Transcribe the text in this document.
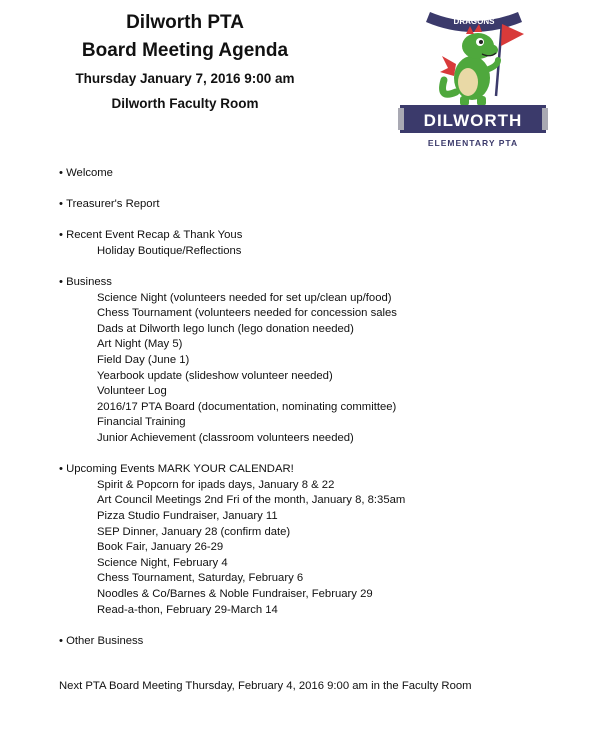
Dilworth PTA
Board Meeting Agenda
Thursday January 7, 2016 9:00 am
Dilworth Faculty Room
DRAGONS
DILWORTH
ELEMENTARY PTA
• Welcome
• Treasurer's Report
• Recent Event Recap & Thank Yous
Holiday Boutique/Reflections
• Business
Science Night (volunteers needed for set up/clean up/food)
Chess Tournament (volunteers needed for concession sales
Dads at Dilworth lego lunch (lego donation needed)
Art Night (May 5)
Field Day (June 1)
Yearbook update (slideshow volunteer needed)
Volunteer Log
2016/17 PTA Board (documentation, nominating committee)
Financial Training
Junior Achievement (classroom volunteers needed)
• Upcoming Events MARK YOUR CALENDAR!
Spirit & Popcorn for ipads days, January 8 & 22
Art Council Meetings 2nd Fri of the month, January 8, 8:35am
Pizza Studio Fundraiser, January 11
SEP Dinner, January 28 (confirm date)
Book Fair, January 26-29
Science Night, February 4
Chess Tournament, Saturday, February 6
Noodles & Co/Barnes & Noble Fundraiser, February 29
Read-a-thon, February 29-March 14
• Other Business
Next PTA Board Meeting Thursday, February 4, 2016 9:00 am in the Faculty Room
